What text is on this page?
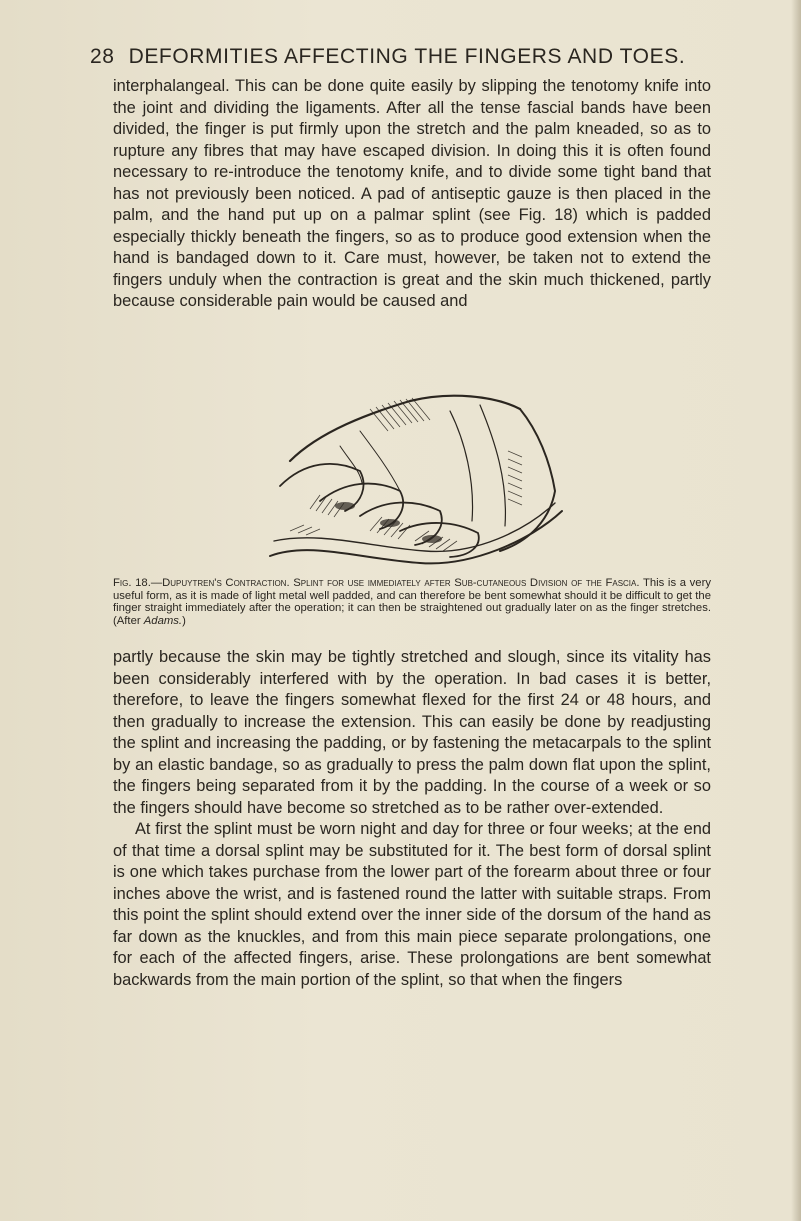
28 DEFORMITIES AFFECTING THE FINGERS AND TOES.

interphalangeal. This can be done quite easily by slipping the tenotomy knife into the joint and dividing the ligaments. After all the tense fascial bands have been divided, the finger is put firmly upon the stretch and the palm kneaded, so as to rupture any fibres that may have escaped division. In doing this it is often found necessary to re-introduce the tenotomy knife, and to divide some tight band that has not previously been noticed. A pad of antiseptic gauze is then placed in the palm, and the hand put up on a palmar splint (see Fig. 18) which is padded especially thickly beneath the fingers, so as to produce good extension when the hand is bandaged down to it. Care must, however, be taken not to extend the fingers unduly when the contraction is great and the skin much thickened, partly because considerable pain would be caused and

Fig. 18.—Dupuytren's Contraction. Splint for use immediately after Sub-cutaneous Division of the Fascia. This is a very useful form, as it is made of light metal well padded, and can therefore be bent somewhat should it be difficult to get the finger straight immediately after the operation; it can then be straightened out gradually later on as the finger stretches. (After Adams.)

partly because the skin may be tightly stretched and slough, since its vitality has been considerably interfered with by the operation. In bad cases it is better, therefore, to leave the fingers somewhat flexed for the first 24 or 48 hours, and then gradually to increase the extension. This can easily be done by readjusting the splint and increasing the padding, or by fastening the metacarpals to the splint by an elastic bandage, so as gradually to press the palm down flat upon the splint, the fingers being separated from it by the padding. In the course of a week or so the fingers should have become so stretched as to be rather over-extended.

At first the splint must be worn night and day for three or four weeks; at the end of that time a dorsal splint may be substituted for it. The best form of dorsal splint is one which takes purchase from the lower part of the forearm about three or four inches above the wrist, and is fastened round the latter with suitable straps. From this point the splint should extend over the inner side of the dorsum of the hand as far down as the knuckles, and from this main piece separate prolongations, one for each of the affected fingers, arise. These prolongations are bent somewhat backwards from the main portion of the splint, so that when the fingers
